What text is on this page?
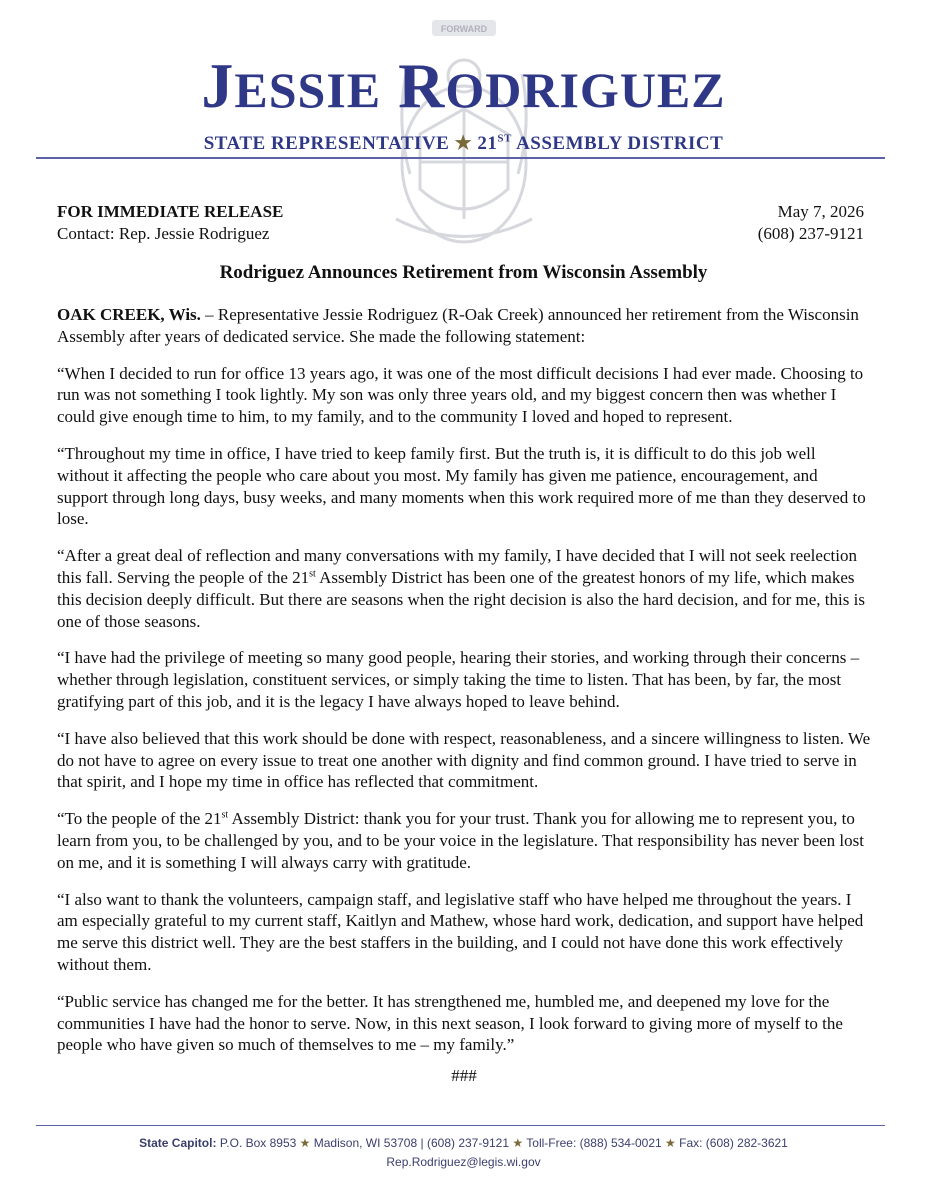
FORWARD
JESSIE RODRIGUEZ
STATE REPRESENTATIVE ★ 21ST ASSEMBLY DISTRICT
FOR IMMEDIATE RELEASE
Contact: Rep. Jessie Rodriguez
May 7, 2026
(608) 237-9121
Rodriguez Announces Retirement from Wisconsin Assembly

OAK CREEK, Wis. – Representative Jessie Rodriguez (R-Oak Creek) announced her retirement from the Wisconsin Assembly after years of dedicated service. She made the following statement:

“When I decided to run for office 13 years ago, it was one of the most difficult decisions I had ever made. Choosing to run was not something I took lightly. My son was only three years old, and my biggest concern then was whether I could give enough time to him, to my family, and to the community I loved and hoped to represent.

“Throughout my time in office, I have tried to keep family first. But the truth is, it is difficult to do this job well without it affecting the people who care about you most. My family has given me patience, encouragement, and support through long days, busy weeks, and many moments when this work required more of me than they deserved to lose.

“After a great deal of reflection and many conversations with my family, I have decided that I will not seek reelection this fall. Serving the people of the 21st Assembly District has been one of the greatest honors of my life, which makes this decision deeply difficult. But there are seasons when the right decision is also the hard decision, and for me, this is one of those seasons.

“I have had the privilege of meeting so many good people, hearing their stories, and working through their concerns – whether through legislation, constituent services, or simply taking the time to listen. That has been, by far, the most gratifying part of this job, and it is the legacy I have always hoped to leave behind.

“I have also believed that this work should be done with respect, reasonableness, and a sincere willingness to listen. We do not have to agree on every issue to treat one another with dignity and find common ground. I have tried to serve in that spirit, and I hope my time in office has reflected that commitment.

“To the people of the 21st Assembly District: thank you for your trust. Thank you for allowing me to represent you, to learn from you, to be challenged by you, and to be your voice in the legislature. That responsibility has never been lost on me, and it is something I will always carry with gratitude.

“I also want to thank the volunteers, campaign staff, and legislative staff who have helped me throughout the years. I am especially grateful to my current staff, Kaitlyn and Mathew, whose hard work, dedication, and support have helped me serve this district well. They are the best staffers in the building, and I could not have done this work effectively without them.

“Public service has changed me for the better. It has strengthened me, humbled me, and deepened my love for the communities I have had the honor to serve. Now, in this next season, I look forward to giving more of myself to the people who have given so much of themselves to me – my family.”

###
State Capitol: P.O. Box 8953 ★ Madison, WI 53708 | (608) 237-9121 ★ Toll-Free: (888) 534-0021 ★ Fax: (608) 282-3621
Rep.Rodriguez@legis.wi.gov
